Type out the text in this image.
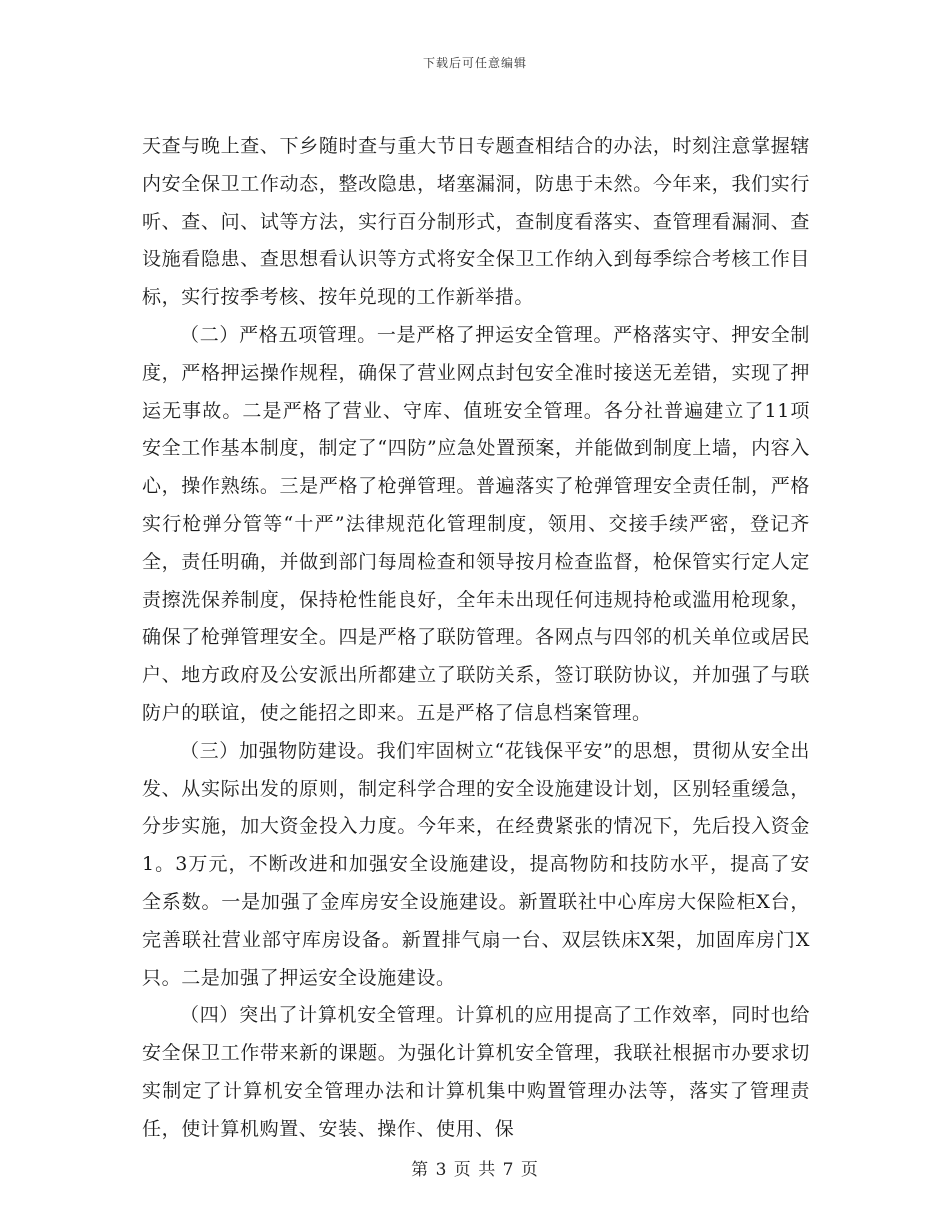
下载后可任意编辑

天查与晚上查、下乡随时查与重大节日专题查相结合的办法，时刻注意掌握辖内安全保卫工作动态，整改隐患，堵塞漏洞，防患于未然。今年来，我们实行听、查、问、试等方法，实行百分制形式，查制度看落实、查管理看漏洞、查设施看隐患、查思想看认识等方式将安全保卫工作纳入到每季综合考核工作目标，实行按季考核、按年兑现的工作新举措。

（二）严格五项管理。一是严格了押运安全管理。严格落实守、押安全制度，严格押运操作规程，确保了营业网点封包安全准时接送无差错，实现了押运无事故。二是严格了营业、守库、值班安全管理。各分社普遍建立了11项安全工作基本制度，制定了“四防”应急处置预案，并能做到制度上墙，内容入心，操作熟练。三是严格了枪弹管理。普遍落实了枪弹管理安全责任制，严格实行枪弹分管等“十严”法律规范化管理制度，领用、交接手续严密，登记齐全，责任明确，并做到部门每周检查和领导按月检查监督，枪保管实行定人定责擦洗保养制度，保持枪性能良好，全年未出现任何违规持枪或滥用枪现象，确保了枪弹管理安全。四是严格了联防管理。各网点与四邻的机关单位或居民户、地方政府及公安派出所都建立了联防关系，签订联防协议，并加强了与联防户的联谊，使之能招之即来。五是严格了信息档案管理。

（三）加强物防建设。我们牢固树立“花钱保平安”的思想，贯彻从安全出发、从实际出发的原则，制定科学合理的安全设施建设计划，区别轻重缓急，分步实施，加大资金投入力度。今年来，在经费紧张的情况下，先后投入资金1。3万元，不断改进和加强安全设施建设，提高物防和技防水平，提高了安全系数。一是加强了金库房安全设施建设。新置联社中心库房大保险柜X台，完善联社营业部守库房设备。新置排气扇一台、双层铁床X架，加固库房门X只。二是加强了押运安全设施建设。

（四）突出了计算机安全管理。计算机的应用提高了工作效率，同时也给安全保卫工作带来新的课题。为强化计算机安全管理，我联社根据市办要求切实制定了计算机安全管理办法和计算机集中购置管理办法等，落实了管理责任，使计算机购置、安装、操作、使用、保

第 3 页 共 7 页
